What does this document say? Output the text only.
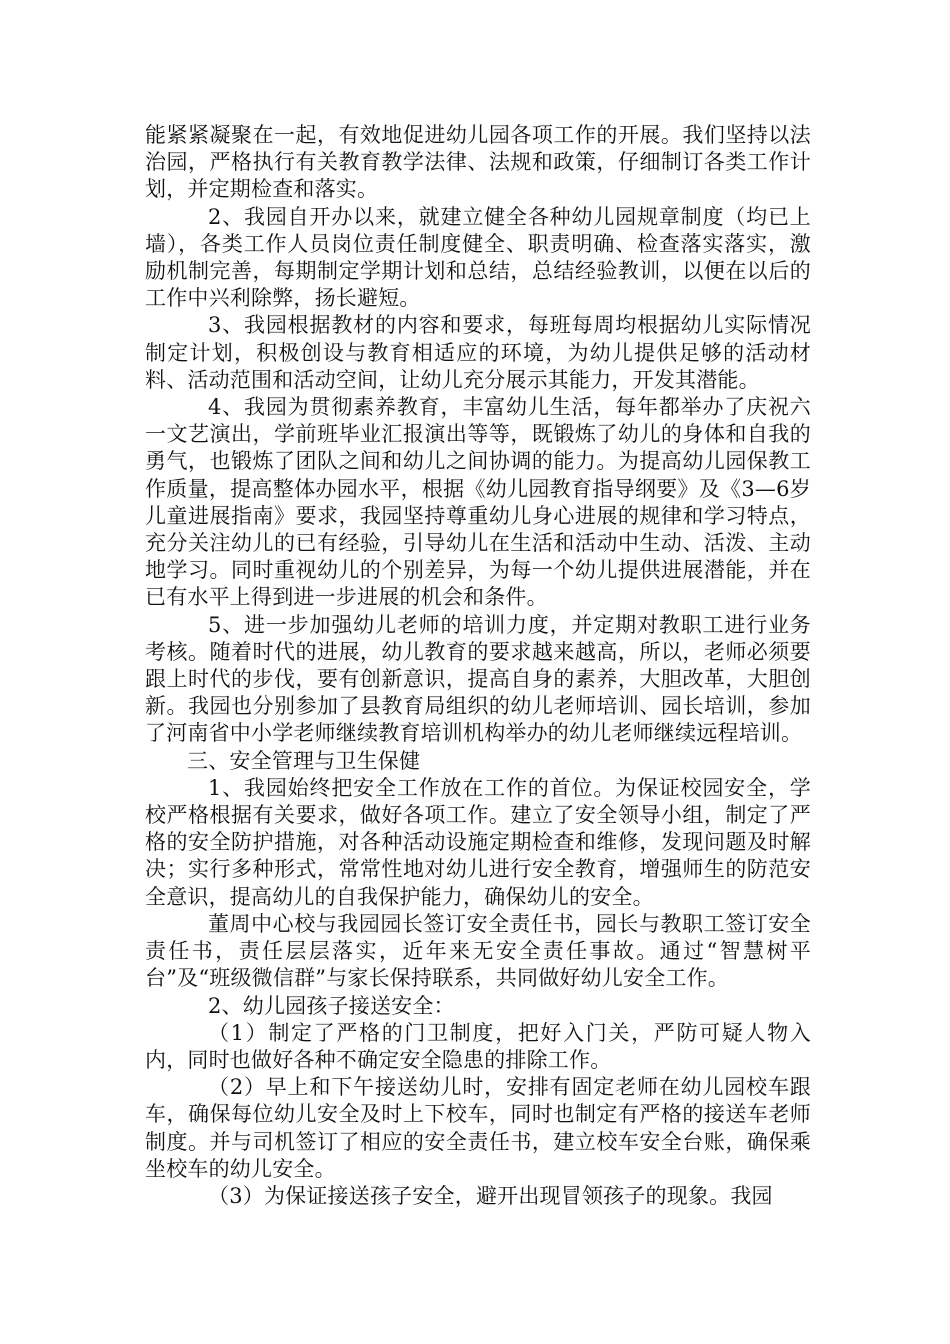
能紧紧凝聚在一起，有效地促进幼儿园各项工作的开展。我们坚持以法治园，严格执行有关教育教学法律、法规和政策，仔细制订各类工作计划，并定期检查和落实。

2、我园自开办以来，就建立健全各种幼儿园规章制度（均已上墙），各类工作人员岗位责任制度健全、职责明确、检查落实落实，激励机制完善，每期制定学期计划和总结，总结经验教训，以便在以后的工作中兴利除弊，扬长避短。

3、我园根据教材的内容和要求，每班每周均根据幼儿实际情况制定计划，积极创设与教育相适应的环境，为幼儿提供足够的活动材料、活动范围和活动空间，让幼儿充分展示其能力，开发其潜能。

4、我园为贯彻素养教育，丰富幼儿生活，每年都举办了庆祝六一文艺演出，学前班毕业汇报演出等等，既锻炼了幼儿的身体和自我的勇气，也锻炼了团队之间和幼儿之间协调的能力。为提高幼儿园保教工作质量，提高整体办园水平，根据《幼儿园教育指导纲要》及《3—6岁儿童进展指南》要求，我园坚持尊重幼儿身心进展的规律和学习特点，充分关注幼儿的已有经验，引导幼儿在生活和活动中生动、活泼、主动地学习。同时重视幼儿的个别差异，为每一个幼儿提供进展潜能，并在已有水平上得到进一步进展的机会和条件。

5、进一步加强幼儿老师的培训力度，并定期对教职工进行业务考核。随着时代的进展，幼儿教育的要求越来越高，所以，老师必须要跟上时代的步伐，要有创新意识，提高自身的素养，大胆改革，大胆创新。我园也分别参加了县教育局组织的幼儿老师培训、园长培训，参加了河南省中小学老师继续教育培训机构举办的幼儿老师继续远程培训。

三、安全管理与卫生保健

1、我园始终把安全工作放在工作的首位。为保证校园安全，学校严格根据有关要求，做好各项工作。建立了安全领导小组，制定了严格的安全防护措施，对各种活动设施定期检查和维修，发现问题及时解决；实行多种形式，常常性地对幼儿进行安全教育，增强师生的防范安全意识，提高幼儿的自我保护能力，确保幼儿的安全。

董周中心校与我园园长签订安全责任书，园长与教职工签订安全责任书，责任层层落实，近年来无安全责任事故。通过“智慧树平台”及“班级微信群”与家长保持联系，共同做好幼儿安全工作。

2、幼儿园孩子接送安全：

（1）制定了严格的门卫制度，把好入门关，严防可疑人物入内，同时也做好各种不确定安全隐患的排除工作。

（2）早上和下午接送幼儿时，安排有固定老师在幼儿园校车跟车，确保每位幼儿安全及时上下校车，同时也制定有严格的接送车老师制度。并与司机签订了相应的安全责任书，建立校车安全台账，确保乘坐校车的幼儿安全。

（3）为保证接送孩子安全，避开出现冒领孩子的现象。我园
